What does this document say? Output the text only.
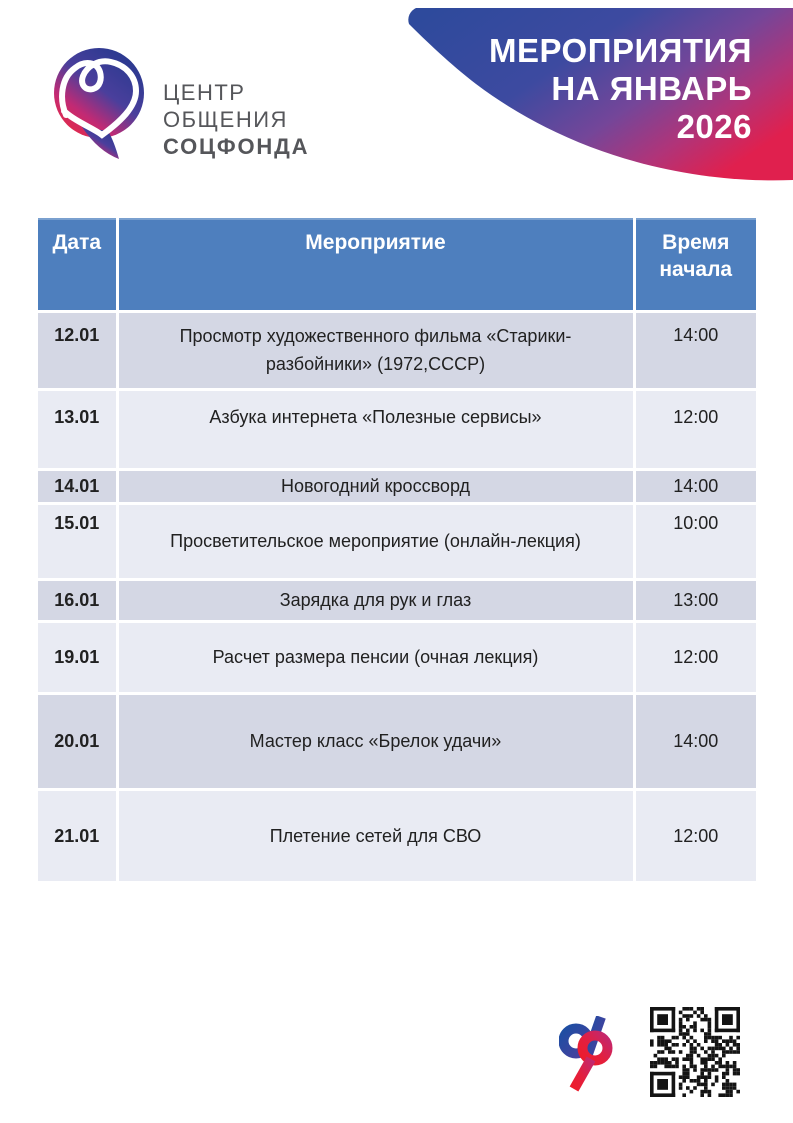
ЦЕНТР
ОБЩЕНИЯ
СОЦФОНДА
МЕРОПРИЯТИЯ
НА ЯНВАРЬ
2026
Дата	Мероприятие	Время начала
12.01	Просмотр художественного фильма «Старики-разбойники» (1972,СССР)	14:00
13.01	Азбука интернета «Полезные сервисы»	12:00
14.01	Новогодний кроссворд	14:00
15.01	Просветительское мероприятие (онлайн-лекция)	10:00
16.01	Зарядка для рук и глаз	13:00
19.01	Расчет размера пенсии (очная лекция)	12:00
20.01	Мастер класс «Брелок удачи»	14:00
21.01	Плетение сетей для СВО	12:00
